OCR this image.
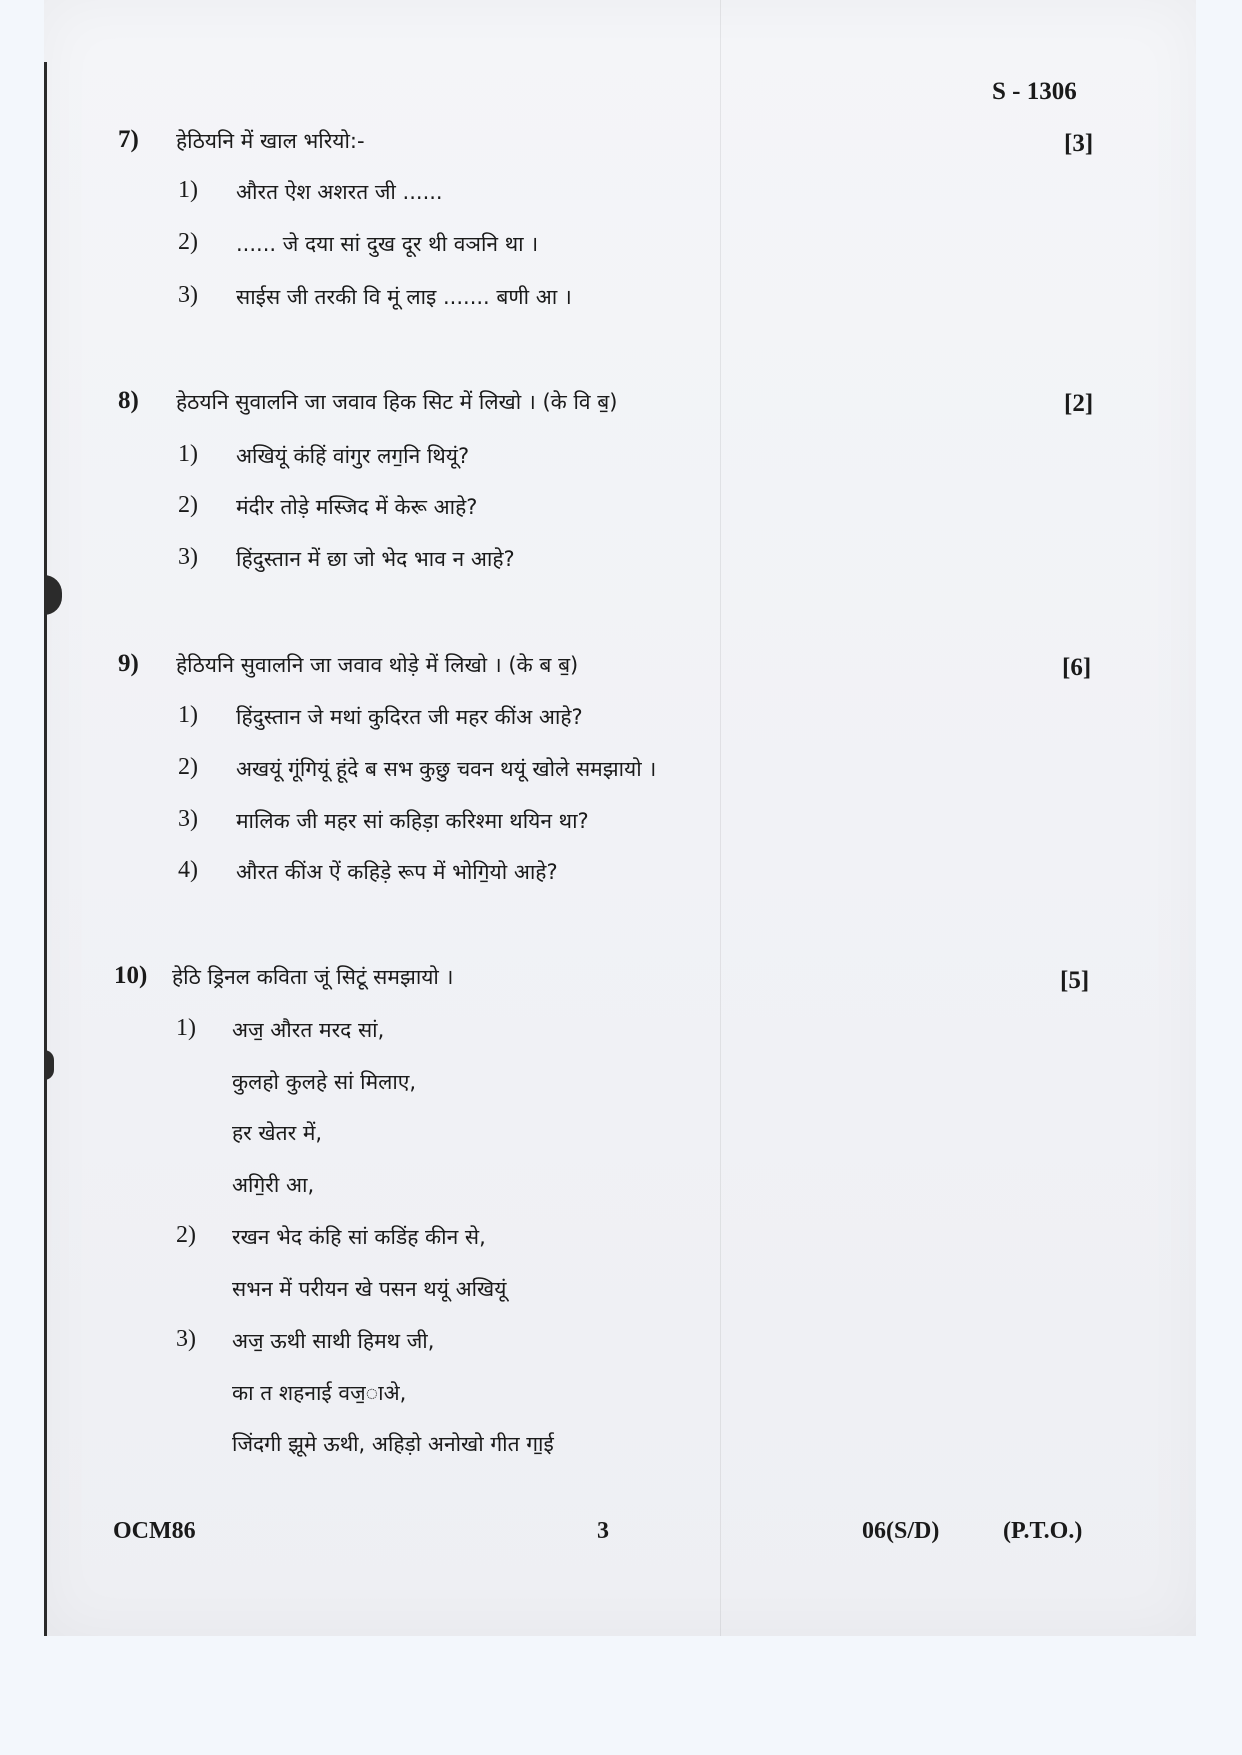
S - 1306
7) हेठियनि में खाल भरियो:-	[3]
1) औरत ऐश अशरत जी ......
2) ...... जे दया सां दुख दूर थी वञनि था ।
3) साईस जी तरकी वि मूं लाइ ....... बणी आ ।
8) हेठयनि सुवालनि जा जवाव हिक सिट में लिखो । (के वि ब॒)	[2]
1) अखियूं कंहिं वांगुर लग॒नि थियूं?
2) मंदीर तोड़े मस्जिद में केरू आहे?
3) हिंदुस्तान में छा जो भेद भाव न आहे?
9) हेठियनि सुवालनि जा जवाव थोड़े में लिखो । (के ब ब॒)	[6]
1) हिंदुस्तान जे मथां कुदिरत जी महर कींअ आहे?
2) अखयूं गूंगियूं हूंदे ब सभ कुछु चवन थयूं खोले समझायो ।
3) मालिक जी महर सां कहिड़ा करिश्मा थयिन था?
4) औरत कींअ ऐं कहिड़े रूप में भोगि॒यो आहे?
10) हेठि ड्रिनल कविता जूं सिटूं समझायो ।	[5]
1) अज॒ औरत मरद सां,
कुलहो कुलहे सां मिलाए,
हर खेतर में,
अगि॒री आ,
2) रखन भेद कंहि सां कडिंह कीन से,
सभन में परीयन खे पसन थयूं अखियूं
3) अज॒ ऊथी साथी हिमथ जी,
का त शहनाई वज॒ाअे,
जिंदगी झूमे ऊथी, अहिड़ो अनोखो गीत गा॒ई
OCM86	3	06(S/D)	(P.T.O.)
